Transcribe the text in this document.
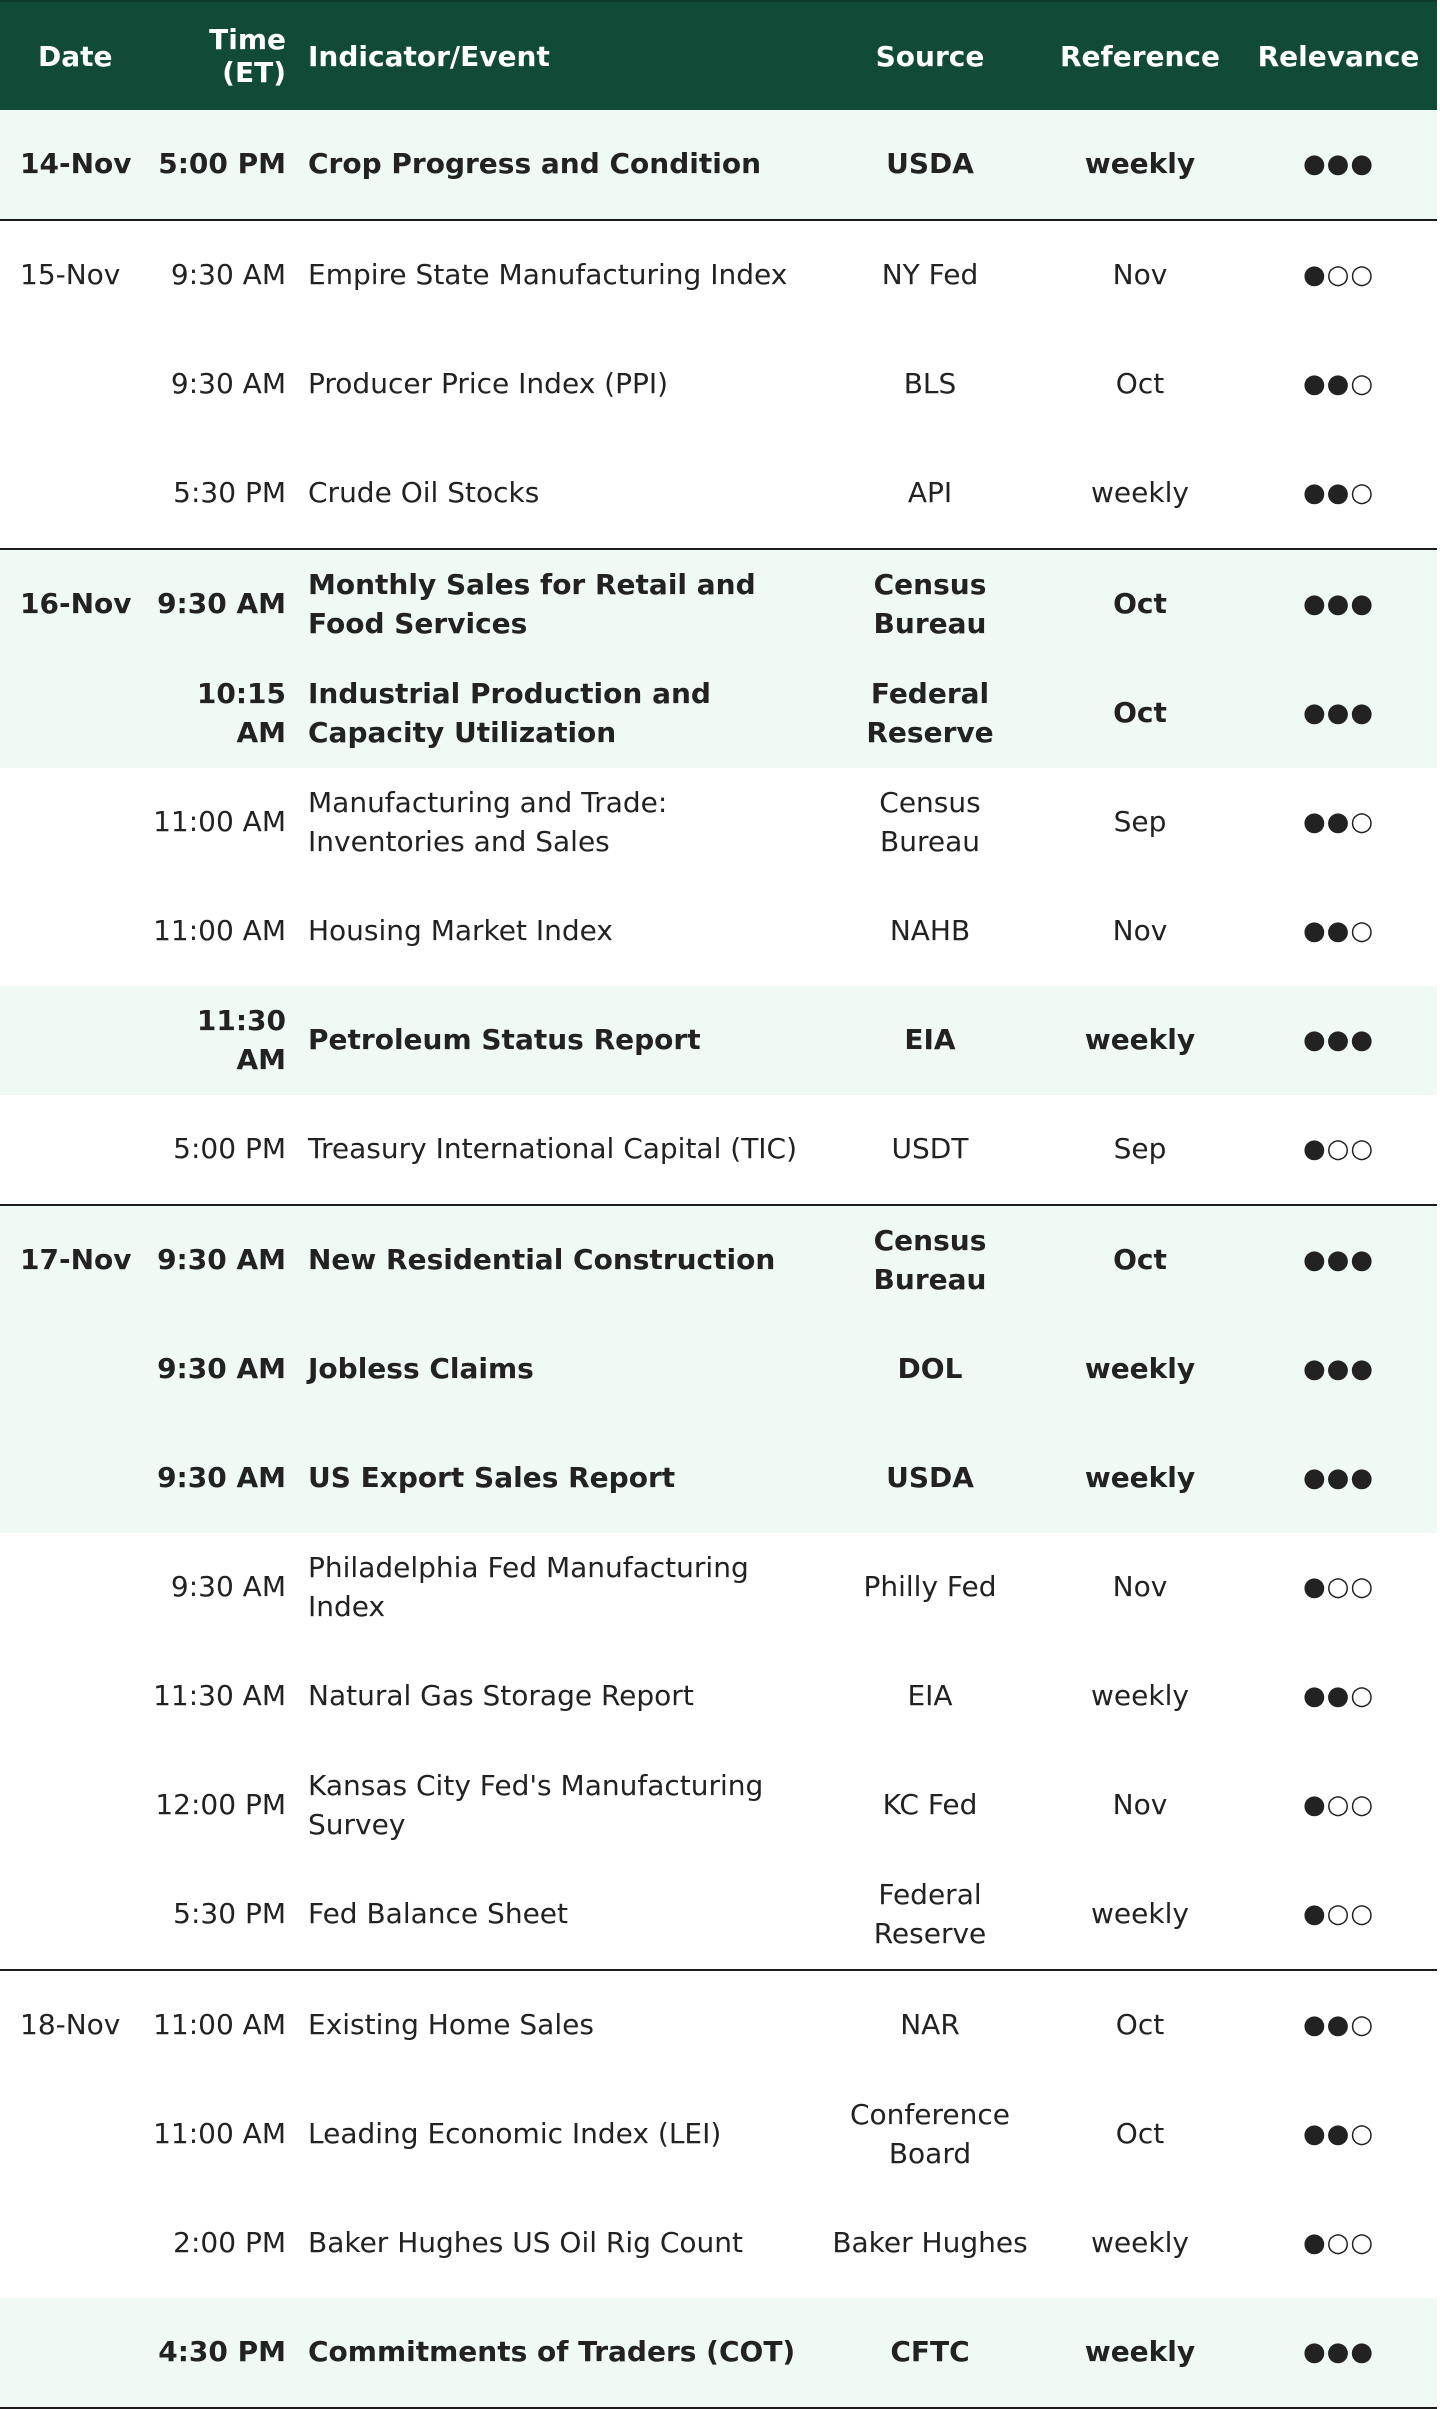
Date	Time (ET)	Indicator/Event	Source	Reference	Relevance
14-Nov	5:00 PM	Crop Progress and Condition	USDA	weekly	●●●
15-Nov	9:30 AM	Empire State Manufacturing Index	NY Fed	Nov	●○○
	9:30 AM	Producer Price Index (PPI)	BLS	Oct	●●○
	5:30 PM	Crude Oil Stocks	API	weekly	●●○
16-Nov	9:30 AM	Monthly Sales for Retail and Food Services	Census Bureau	Oct	●●●
	10:15 AM	Industrial Production and Capacity Utilization	Federal Reserve	Oct	●●●
	11:00 AM	Manufacturing and Trade: Inventories and Sales	Census Bureau	Sep	●●○
	11:00 AM	Housing Market Index	NAHB	Nov	●●○
	11:30 AM	Petroleum Status Report	EIA	weekly	●●●
	5:00 PM	Treasury International Capital (TIC)	USDT	Sep	●○○
17-Nov	9:30 AM	New Residential Construction	Census Bureau	Oct	●●●
	9:30 AM	Jobless Claims	DOL	weekly	●●●
	9:30 AM	US Export Sales Report	USDA	weekly	●●●
	9:30 AM	Philadelphia Fed Manufacturing Index	Philly Fed	Nov	●○○
	11:30 AM	Natural Gas Storage Report	EIA	weekly	●●○
	12:00 PM	Kansas City Fed's Manufacturing Survey	KC Fed	Nov	●○○
	5:30 PM	Fed Balance Sheet	Federal Reserve	weekly	●○○
18-Nov	11:00 AM	Existing Home Sales	NAR	Oct	●●○
	11:00 AM	Leading Economic Index (LEI)	Conference Board	Oct	●●○
	2:00 PM	Baker Hughes US Oil Rig Count	Baker Hughes	weekly	●○○
	4:30 PM	Commitments of Traders (COT)	CFTC	weekly	●●●
